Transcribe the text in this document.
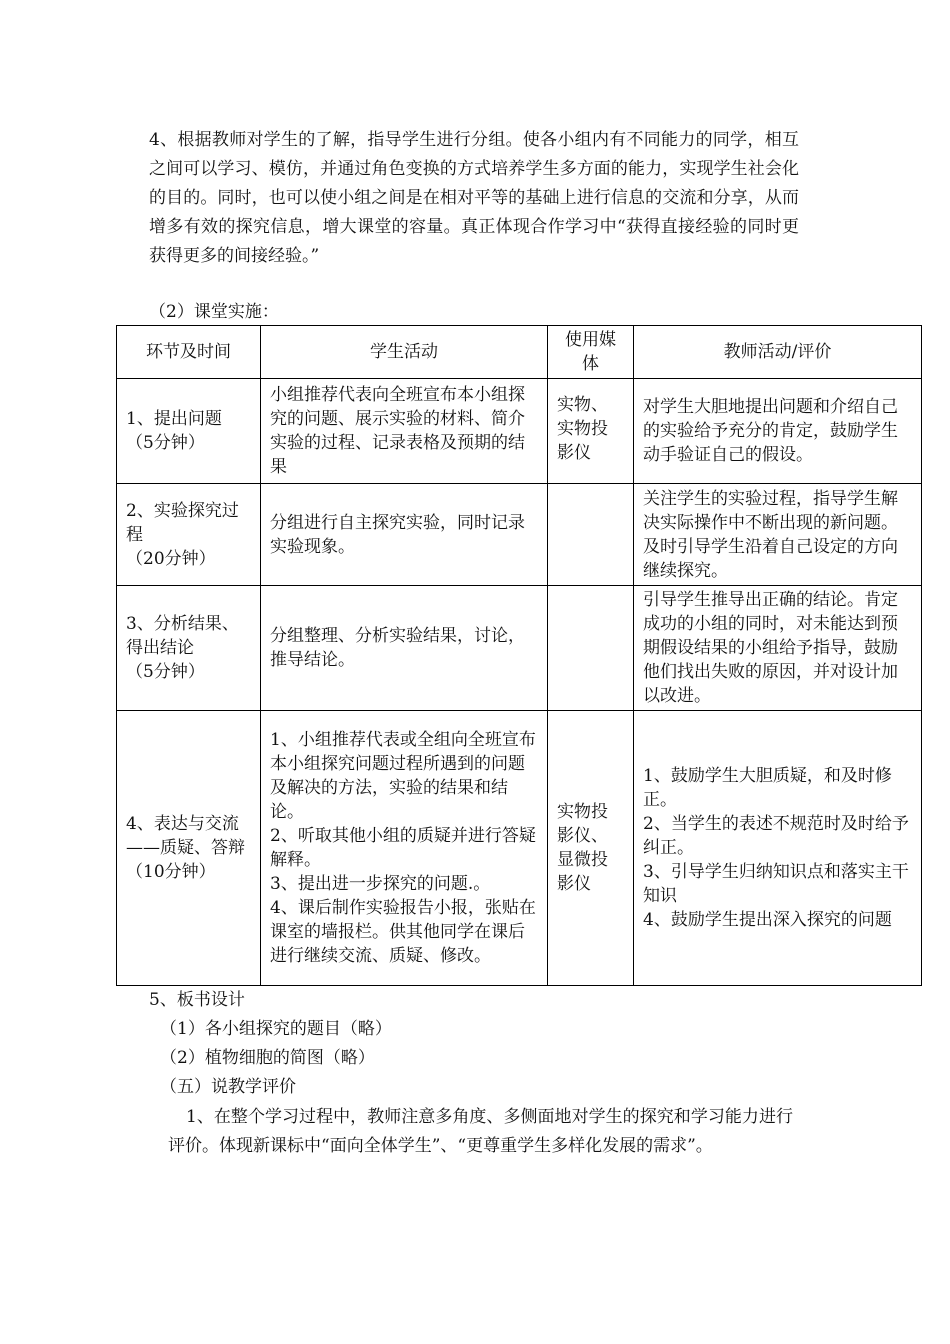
4、根据教师对学生的了解，指导学生进行分组。使各小组内有不同能力的同学，相互之间可以学习、模仿，并通过角色变换的方式培养学生多方面的能力，实现学生社会化的目的。同时，也可以使小组之间是在相对平等的基础上进行信息的交流和分享，从而增多有效的探究信息，增大课堂的容量。真正体现合作学习中“获得直接经验的同时更获得更多的间接经验。”

（2）课堂实施：

环节及时间	学生活动	使用媒体	教师活动/评价

1、提出问题
（5分钟）	小组推荐代表向全班宣布本小组探究的问题、展示实验的材料、简介实验的过程、记录表格及预期的结果	实物、实物投影仪	对学生大胆地提出问题和介绍自己的实验给予充分的肯定，鼓励学生动手验证自己的假设。

2、实验探究过程
（20分钟）	分组进行自主探究实验，同时记录实验现象。		关注学生的实验过程，指导学生解决实际操作中不断出现的新问题。及时引导学生沿着自己设定的方向继续探究。

3、分析结果、得出结论
（5分钟）	分组整理、分析实验结果，讨论，推导结论。		引导学生推导出正确的结论。肯定成功的小组的同时，对未能达到预期假设结果的小组给予指导，鼓励他们找出失败的原因，并对设计加以改进。

4、表达与交流——质疑、答辩
（10分钟）	1、小组推荐代表或全组向全班宣布本小组探究问题过程所遇到的问题及解决的方法，实验的结果和结论。
2、听取其他小组的质疑并进行答疑解释。
3、提出进一步探究的问题.。
4、课后制作实验报告小报，张贴在课室的墙报栏。供其他同学在课后进行继续交流、质疑、修改。	实物投影仪、显微投影仪	1、鼓励学生大胆质疑，和及时修正。
2、当学生的表述不规范时及时给予纠正。
3、引导学生归纳知识点和落实主干知识
4、鼓励学生提出深入探究的问题

5、板书设计

（1）各小组探究的题目（略）

（2）植物细胞的简图（略）

（五）说教学评价

1、在整个学习过程中，教师注意多角度、多侧面地对学生的探究和学习能力进行评价。体现新课标中“面向全体学生”、“更尊重学生多样化发展的需求”。
